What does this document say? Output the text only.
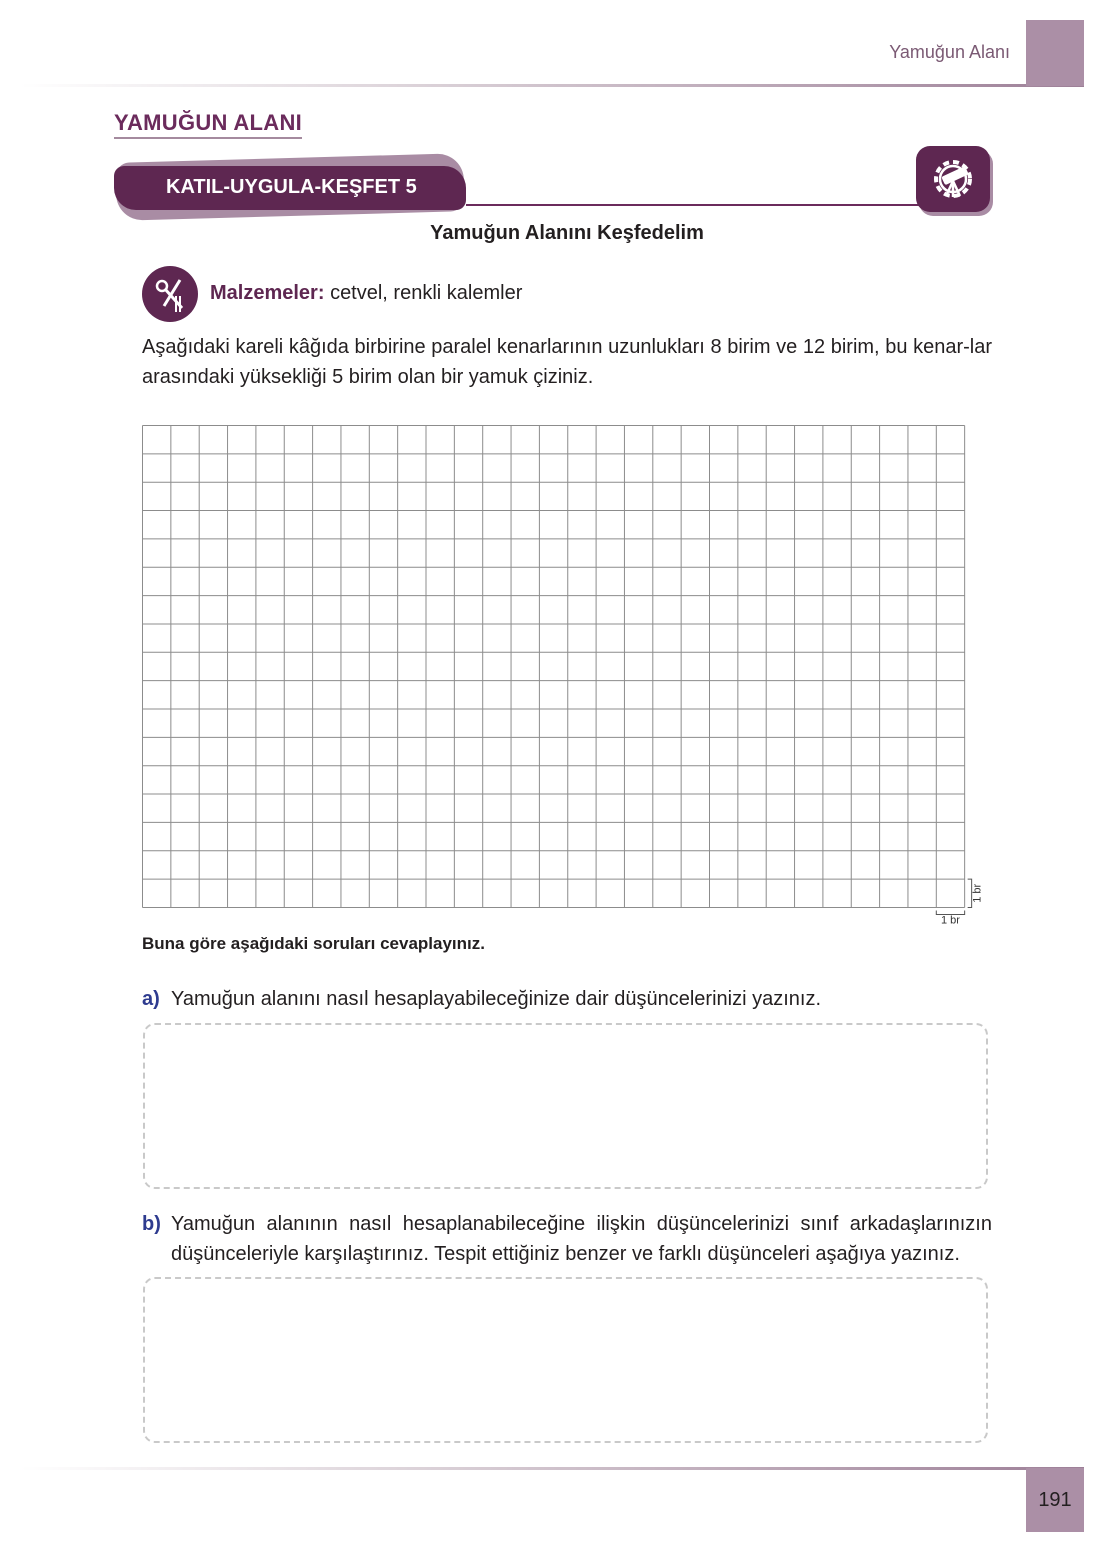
Yamuğun Alanı
YAMUĞUN ALANI
KATIL-UYGULA-KEŞFET 5
Yamuğun Alanını Keşfedelim
Malzemeler: cetvel, renkli kalemler
Aşağıdaki kareli kâğıda birbirine paralel kenarlarının uzunlukları 8 birim ve 12 birim, bu kenar-lar arasındaki yüksekliği 5 birim olan bir yamuk çiziniz.
1 br
1 br
Buna göre aşağıdaki soruları cevaplayınız.
a) Yamuğun alanını nasıl hesaplayabileceğinize dair düşüncelerinizi yazınız.
b) Yamuğun alanının nasıl hesaplanabileceğine ilişkin düşüncelerinizi sınıf arkadaşlarınızın düşünceleriyle karşılaştırınız. Tespit ettiğiniz benzer ve farklı düşünceleri aşağıya yazınız.
191
